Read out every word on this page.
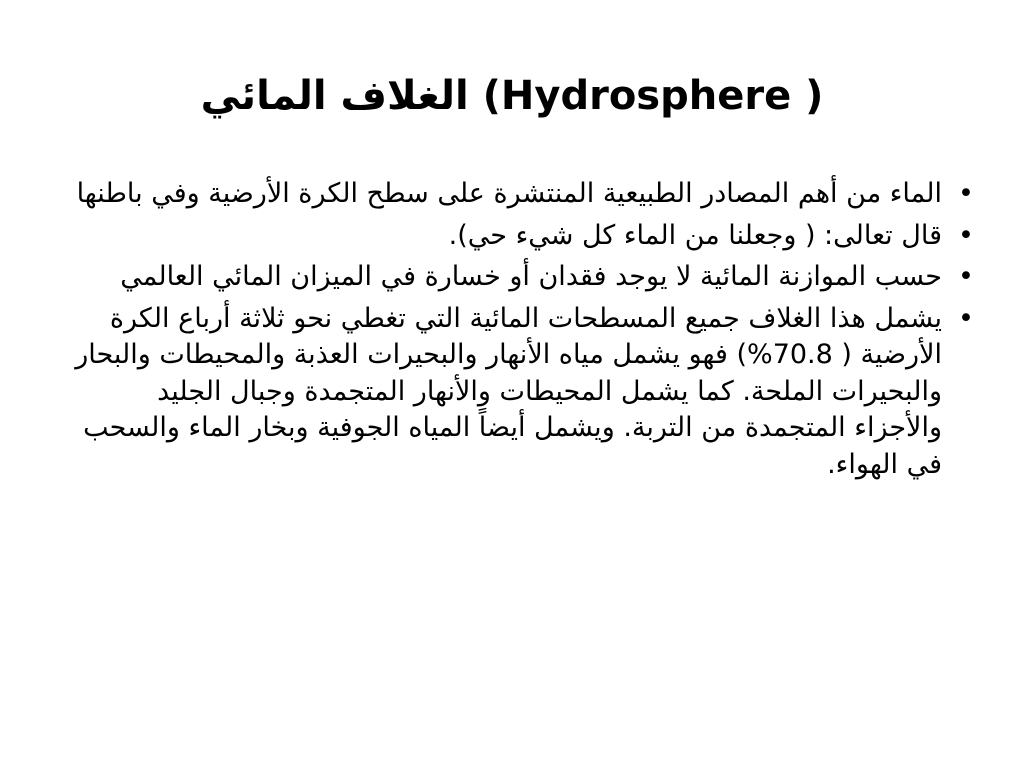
الغلاف المائي (Hydrosphere )
•
الماء من أهم المصادر الطبيعية المنتشرة على سطح الكرة الأرضية وفي باطنها
•
قال تعالى: ( وجعلنا من الماء كل شيء حي).
•
حسب الموازنة المائية لا يوجد فقدان أو خسارة في الميزان المائي العالمي
•
يشمل هذا الغلاف جميع المسطحات المائية التي تغطي نحو ثلاثة أرباع الكرة الأرضية ( 70.8%) فهو يشمل مياه الأنهار والبحيرات العذبة والمحيطات والبحار والبحيرات الملحة. كما يشمل المحيطات والأنهار المتجمدة وجبال الجليد والأجزاء المتجمدة من التربة. ويشمل أيضاً المياه الجوفية وبخار الماء والسحب في الهواء.
